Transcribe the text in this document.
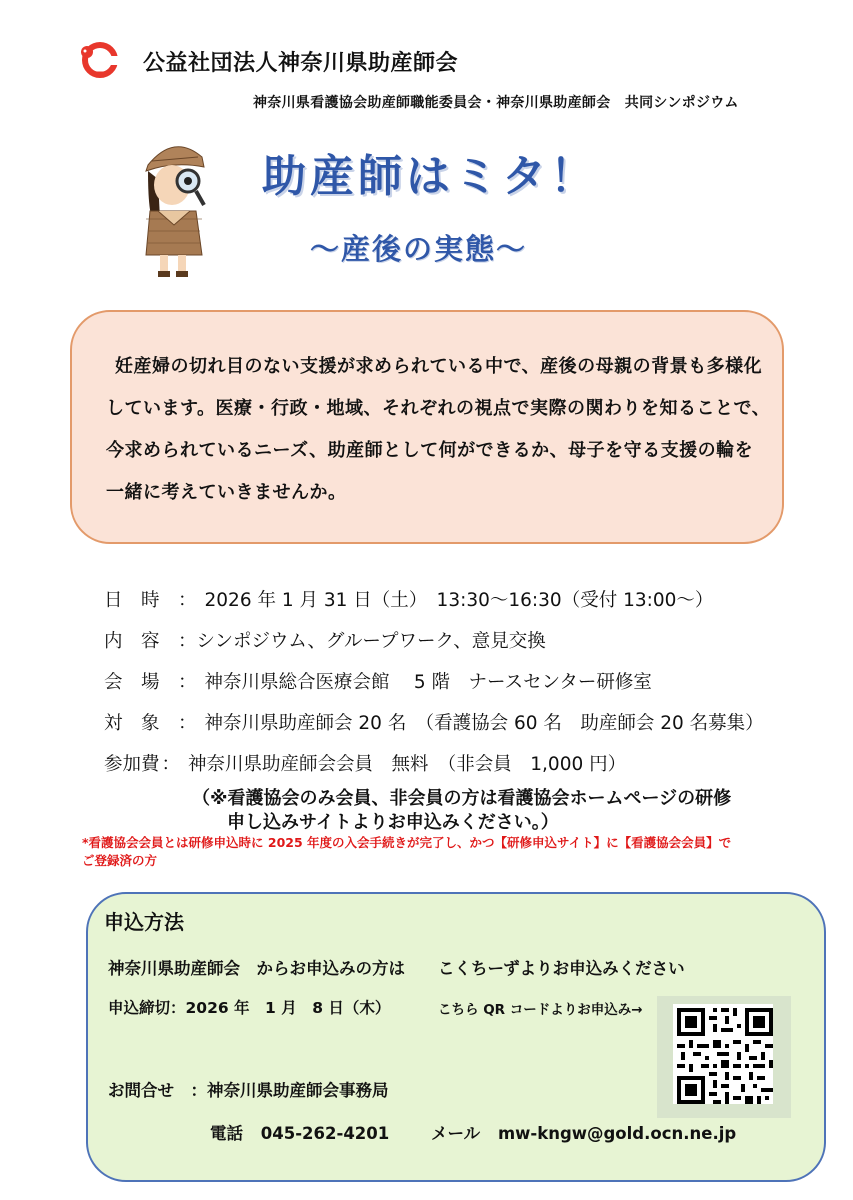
公益社団法人神奈川県助産師会
神奈川県看護協会助産師職能委員会・神奈川県助産師会　共同シンポジウム
助産師はミタ！
～産後の実態～
妊産婦の切れ目のない支援が求められている中で、産後の母親の背景も多様化
しています。医療・行政・地域、それぞれの視点で実際の関わりを知ることで、
今求められているニーズ、助産師として何ができるか、母子を守る支援の輪を
一緒に考えていきませんか。
日　時 ： 2026 年 1 月 31 日（土）　13:30～16:30（受付 13:00～）
内　容 ：シンポジウム、グループワーク、意見交換
会　場 ： 神奈川県総合医療会館　 5 階　ナースセンター研修室
対　象 ： 神奈川県助産師会 20 名　（看護協会 60 名　助産師会 20 名募集）
参加費 ： 神奈川県助産師会会員　無料　（非会員　1,000 円）
（※看護協会のみ会員、非会員の方は看護協会ホームページの研修
申し込みサイトよりお申込みください。）
*看護協会会員とは研修申込時に 2025 年度の入会手続きが完了し、かつ【研修申込サイト】に【看護協会会員】で
ご登録済の方
申込方法
神奈川県助産師会　からお申込みの方は　　こくちーずよりお申込みください
申込締切：2026 年　1 月　8 日（木）	こちら QR コードよりお申込み→
お問合せ　：神奈川県助産師会事務局
電話 045-262-4201	メール mw-kngw@gold.ocn.ne.jp
